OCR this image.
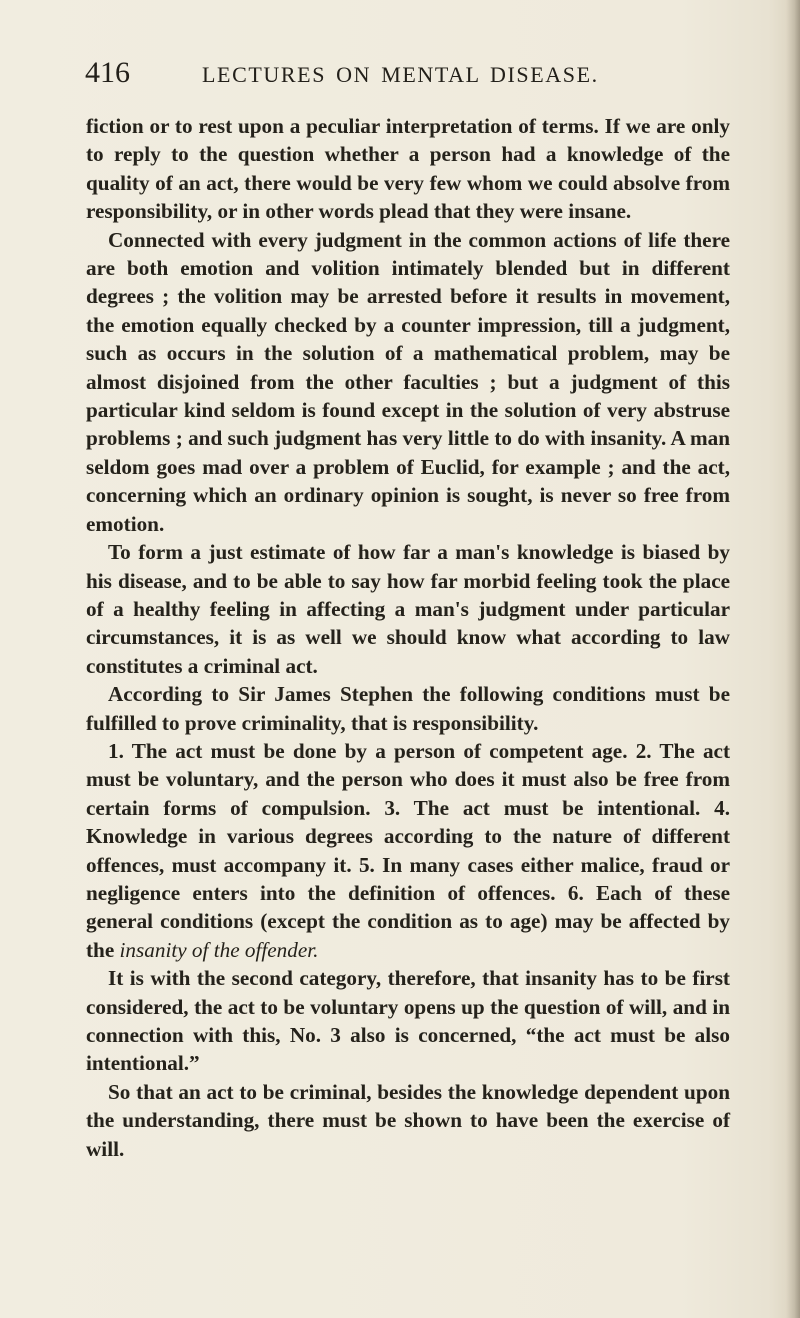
416	LECTURES ON MENTAL DISEASE.

fiction or to rest upon a peculiar interpretation of terms. If we are only to reply to the question whether a person had a knowledge of the quality of an act, there would be very few whom we could absolve from responsibility, or in other words plead that they were insane.

Connected with every judgment in the common actions of life there are both emotion and volition intimately blended but in different degrees ; the volition may be arrested before it results in movement, the emotion equally checked by a counter impression, till a judgment, such as occurs in the solution of a mathematical problem, may be almost disjoined from the other faculties ; but a judgment of this particular kind seldom is found except in the solution of very abstruse problems ; and such judgment has very little to do with insanity. A man seldom goes mad over a problem of Euclid, for example ; and the act, concerning which an ordinary opinion is sought, is never so free from emotion.

To form a just estimate of how far a man's knowledge is biased by his disease, and to be able to say how far morbid feeling took the place of a healthy feeling in affecting a man's judgment under particular circumstances, it is as well we should know what according to law constitutes a criminal act.

According to Sir James Stephen the following conditions must be fulfilled to prove criminality, that is responsibility.

1. The act must be done by a person of competent age. 2. The act must be voluntary, and the person who does it must also be free from certain forms of compulsion. 3. The act must be intentional. 4. Knowledge in various degrees according to the nature of different offences, must accompany it. 5. In many cases either malice, fraud or negligence enters into the definition of offences. 6. Each of these general conditions (except the condition as to age) may be affected by the insanity of the offender.

It is with the second category, therefore, that insanity has to be first considered, the act to be voluntary opens up the question of will, and in connection with this, No. 3 also is concerned, “the act must be also intentional.”

So that an act to be criminal, besides the knowledge dependent upon the understanding, there must be shown to have been the exercise of will.
